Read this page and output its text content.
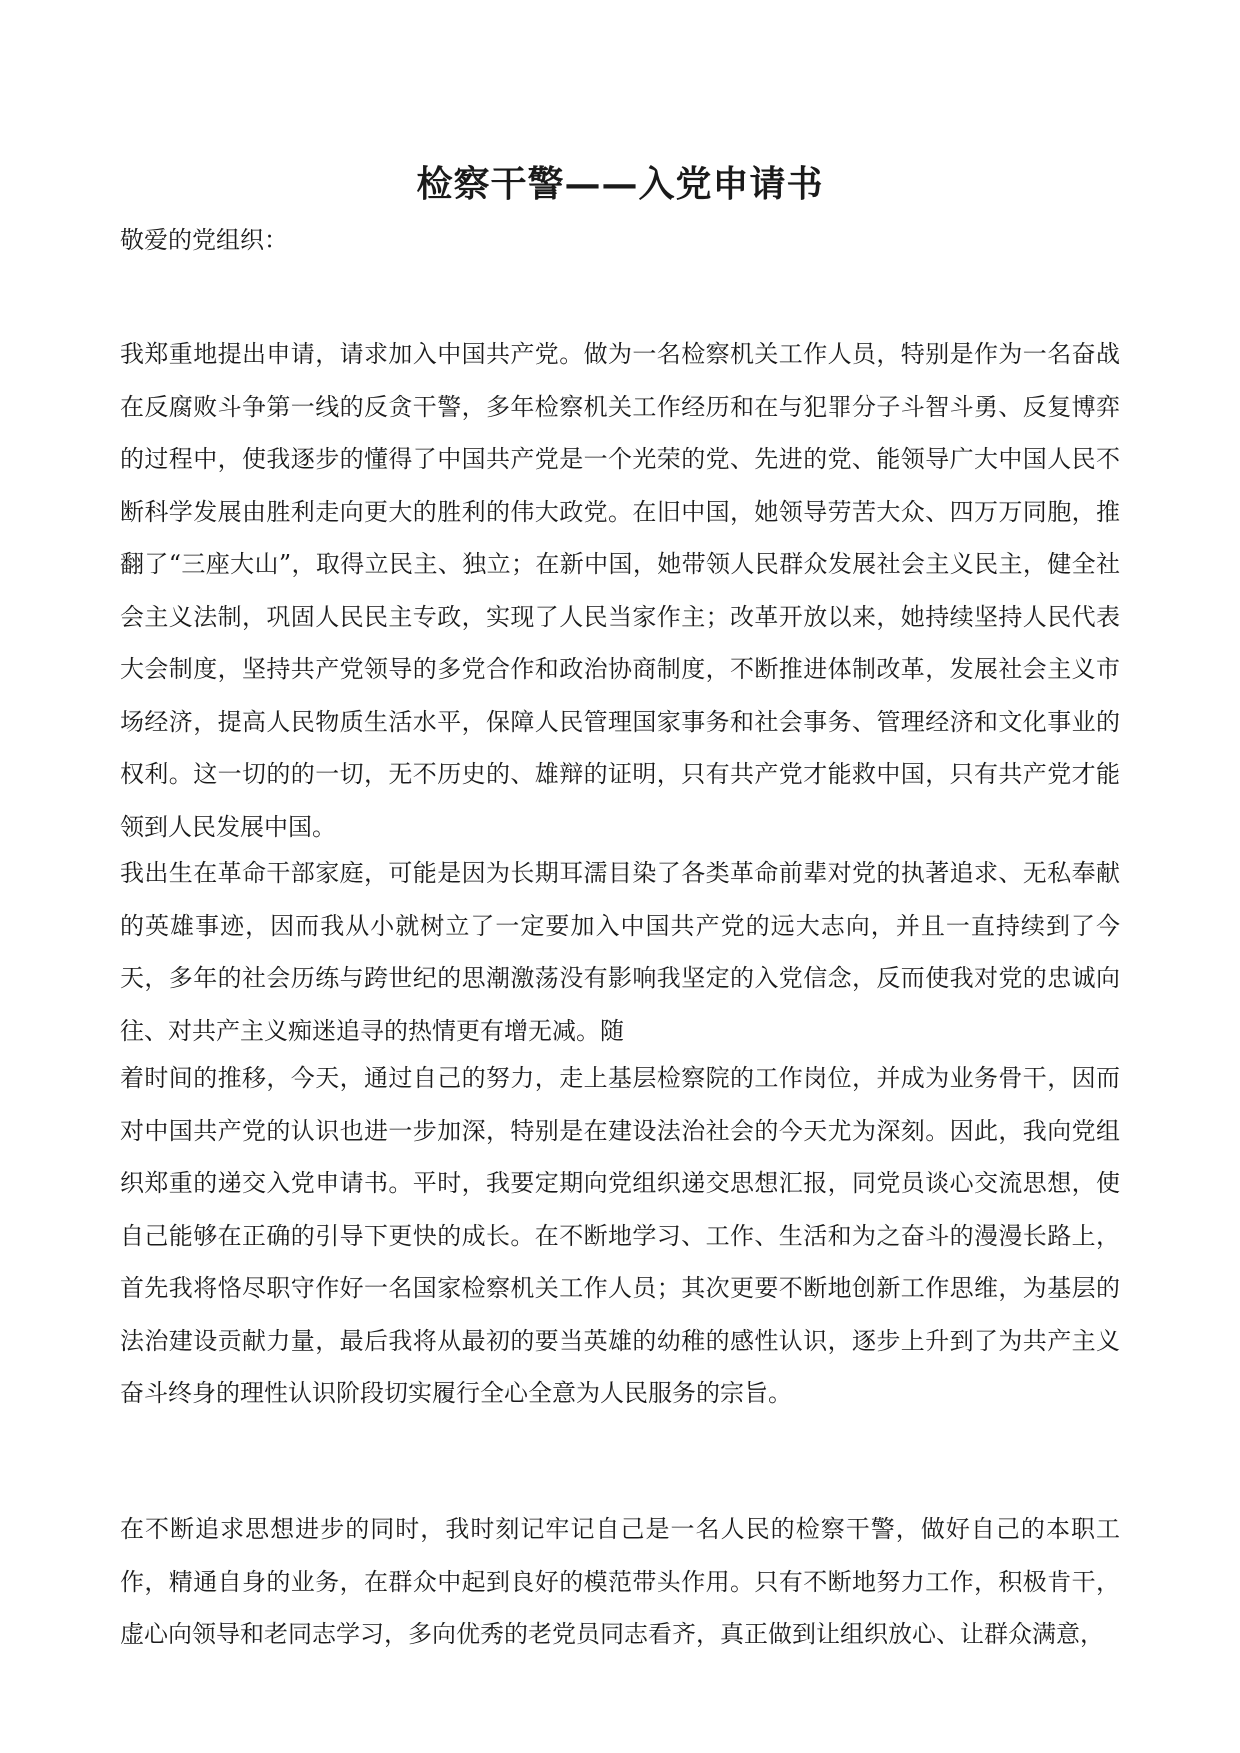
检察干警——入党申请书
敬爱的党组织：

我郑重地提出申请，请求加入中国共产党。做为一名检察机关工作人员，特别是作为一名奋战在反腐败斗争第一线的反贪干警，多年检察机关工作经历和在与犯罪分子斗智斗勇、反复博弈的过程中，使我逐步的懂得了中国共产党是一个光荣的党、先进的党、能领导广大中国人民不断科学发展由胜利走向更大的胜利的伟大政党。在旧中国，她领导劳苦大众、四万万同胞，推翻了“三座大山”，取得立民主、独立；在新中国，她带领人民群众发展社会主义民主，健全社会主义法制，巩固人民民主专政，实现了人民当家作主；改革开放以来，她持续坚持人民代表大会制度，坚持共产党领导的多党合作和政治协商制度，不断推进体制改革，发展社会主义市场经济，提高人民物质生活水平，保障人民管理国家事务和社会事务、管理经济和文化事业的权利。这一切的的一切，无不历史的、雄辩的证明，只有共产党才能救中国，只有共产党才能领到人民发展中国。

我出生在革命干部家庭，可能是因为长期耳濡目染了各类革命前辈对党的执著追求、无私奉献的英雄事迹，因而我从小就树立了一定要加入中国共产党的远大志向，并且一直持续到了今天，多年的社会历练与跨世纪的思潮激荡没有影响我坚定的入党信念，反而使我对党的忠诚向往、对共产主义痴迷追寻的热情更有增无减。随

着时间的推移，今天，通过自己的努力，走上基层检察院的工作岗位，并成为业务骨干，因而对中国共产党的认识也进一步加深，特别是在建设法治社会的今天尤为深刻。因此，我向党组织郑重的递交入党申请书。平时，我要定期向党组织递交思想汇报，同党员谈心交流思想，使自己能够在正确的引导下更快的成长。在不断地学习、工作、生活和为之奋斗的漫漫长路上，首先我将恪尽职守作好一名国家检察机关工作人员；其次更要不断地创新工作思维，为基层的法治建设贡献力量，最后我将从最初的要当英雄的幼稚的感性认识，逐步上升到了为共产主义奋斗终身的理性认识阶段切实履行全心全意为人民服务的宗旨。

在不断追求思想进步的同时，我时刻记牢记自己是一名人民的检察干警，做好自己的本职工作，精通自身的业务，在群众中起到良好的模范带头作用。只有不断地努力工作，积极肯干，虚心向领导和老同志学习，多向优秀的老党员同志看齐，真正做到让组织放心、让群众满意，
